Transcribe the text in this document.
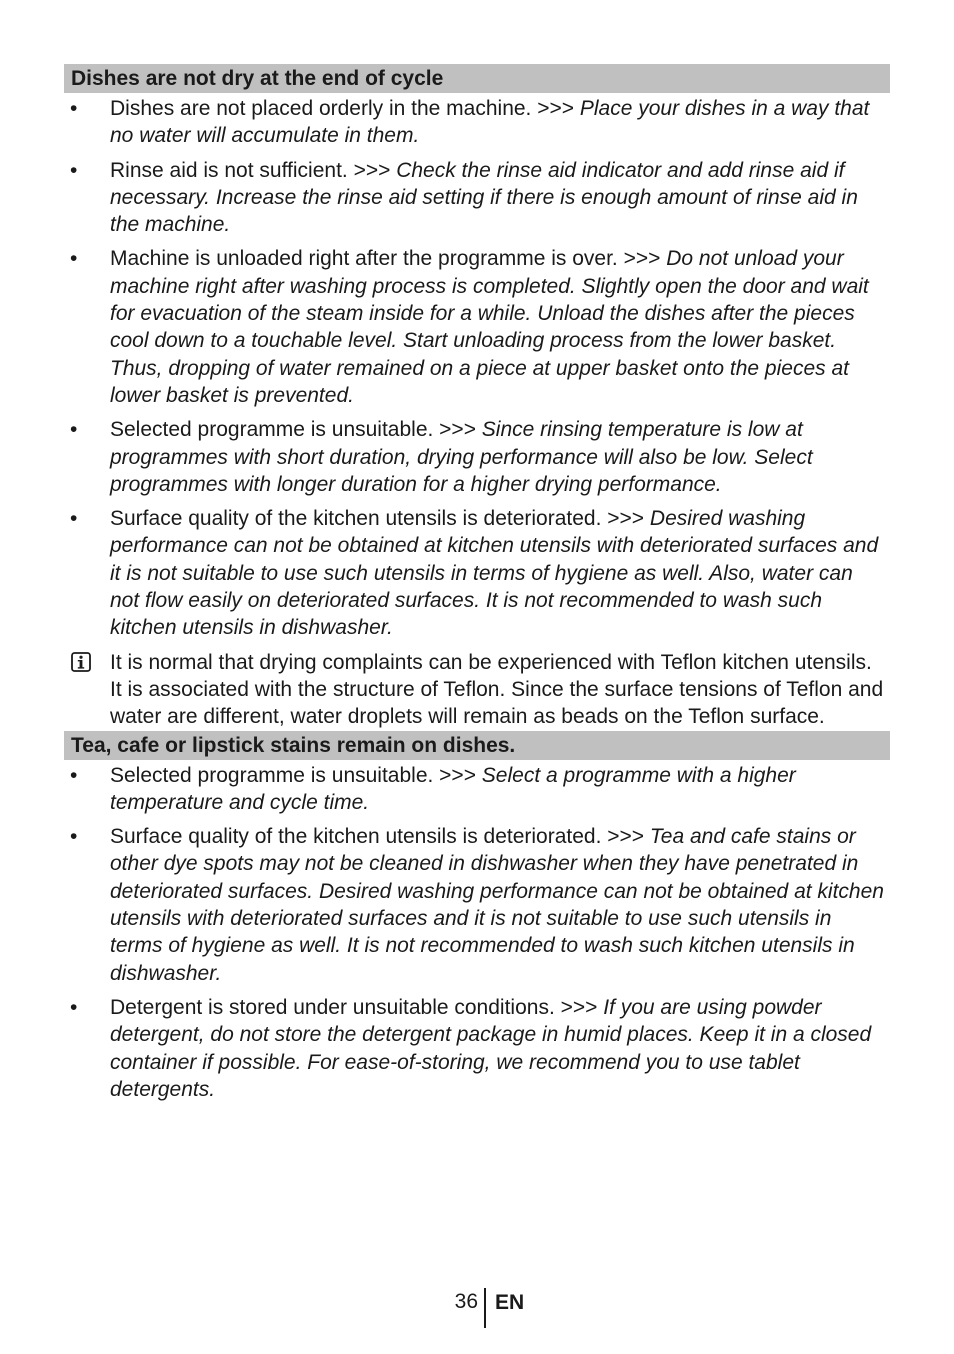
Dishes are not dry at the end of cycle
• Dishes are not placed orderly in the machine. >>> Place your dishes in a way that no water will accumulate in them.
• Rinse aid is not sufficient. >>> Check the rinse aid indicator and add rinse aid if necessary. Increase the rinse aid setting if there is enough amount of rinse aid in the machine.
• Machine is unloaded right after the programme is over. >>> Do not unload your machine right after washing process is completed. Slightly open the door and wait for evacuation of the steam inside for a while. Unload the dishes after the pieces cool down to a touchable level. Start unloading process from the lower basket. Thus, dropping of water remained on a piece at upper basket onto the pieces at lower basket is prevented.
• Selected programme is unsuitable. >>> Since rinsing temperature is low at programmes with short duration, drying performance will also be low. Select programmes with longer duration for a higher drying performance.
• Surface quality of the kitchen utensils is deteriorated. >>> Desired washing performance can not be obtained at kitchen utensils with deteriorated surfaces and it is not suitable to use such utensils in terms of hygiene as well. Also, water can not flow easily on deteriorated surfaces. It is not recommended to wash such kitchen utensils in dishwasher.
It is normal that drying complaints can be experienced with Teflon kitchen utensils. It is associated with the structure of Teflon. Since the surface tensions of Teflon and water are different, water droplets will remain as beads on the Teflon surface.
Tea, cafe or lipstick stains remain on dishes.
• Selected programme is unsuitable. >>> Select a programme with a higher temperature and cycle time.
• Surface quality of the kitchen utensils is deteriorated. >>> Tea and cafe stains or other dye spots may not be cleaned in dishwasher when they have penetrated in deteriorated surfaces. Desired washing performance can not be obtained at kitchen utensils with deteriorated surfaces and it is not suitable to use such utensils in terms of hygiene as well. It is not recommended to wash such kitchen utensils in dishwasher.
• Detergent is stored under unsuitable conditions. >>> If you are using powder detergent, do not store the detergent package in humid places. Keep it in a closed container if possible. For ease-of-storing, we recommend you to use tablet detergents.
36 EN
